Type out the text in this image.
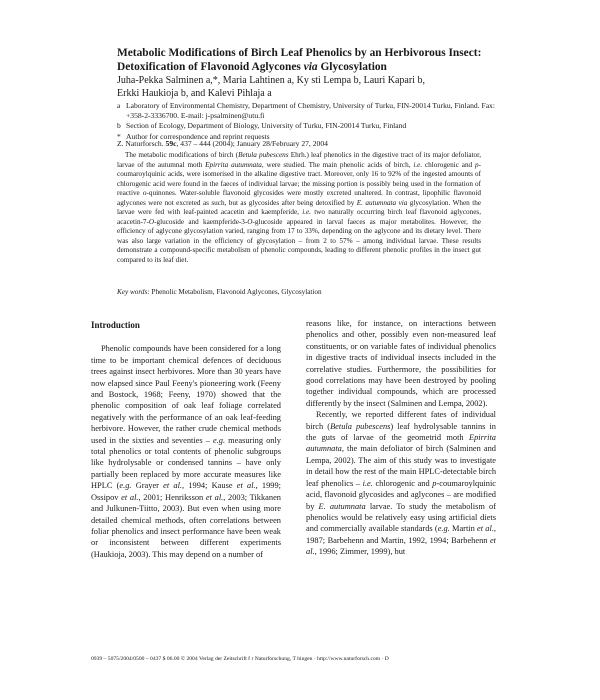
Metabolic Modifications of Birch Leaf Phenolics by an Herbivorous Insect:
Detoxification of Flavonoid Aglycones via Glycosylation
Juha-Pekka Salminen a,*, Maria Lahtinen a, Ky sti Lempa b, Lauri Kapari b,
Erkki Haukioja b, and Kalevi Pihlaja a
a Laboratory of Environmental Chemistry, Department of Chemistry, University of Turku, FIN-20014 Turku, Finland. Fax: +358-2-3336700. E-mail: j-psalminen@utu.fi
b Section of Ecology, Department of Biology, University of Turku, FIN-20014 Turku, Finland
* Author for correspondence and reprint requests
Z. Naturforsch. 59c, 437 – 444 (2004); January 28/February 27, 2004
The metabolic modifications of birch (Betula pubescens Ehrh.) leaf phenolics in the digestive tract of its major defoliator, larvae of the autumnal moth Epirrita autumnata, were studied. The main phenolic acids of birch, i.e. chlorogenic and p-coumaroylquinic acids, were isomerised in the alkaline digestive tract. Moreover, only 16 to 92% of the ingested amounts of chlorogenic acid were found in the faeces of individual larvae; the missing portion is possibly being used in the formation of reactive o-quinones. Water-soluble flavonoid glycosides were mostly excreted unaltered. In contrast, lipophilic flavonoid aglycones were not excreted as such, but as glycosides after being detoxified by E. autumnata via glycosylation. When the larvae were fed with leaf-painted acacetin and kaempferide, i.e. two naturally occurring birch leaf flavonoid aglycones, acacetin-7-O-glucoside and kaempferide-3-O-glucoside appeared in larval faeces as major metabolites. However, the efficiency of aglycone glycosylation varied, ranging from 17 to 33%, depending on the aglycone and its dietary level. There was also large variation in the efficiency of glycosylation – from 2 to 57% – among individual larvae. These results demonstrate a compound-specific metabolism of phenolic compounds, leading to different phenolic profiles in the insect gut compared to its leaf diet.
Key words: Phenolic Metabolism, Flavonoid Aglycones, Glycosylation
Introduction

Phenolic compounds have been considered for a long time to be important chemical defences of deciduous trees against insect herbivores. More than 30 years have now elapsed since Paul Feeny's pioneering work (Feeny and Bostock, 1968; Feeny, 1970) showed that the phenolic composition of oak leaf foliage correlated negatively with the performance of an oak leaf-feeding herbivore. However, the rather crude chemical methods used in the sixties and seventies – e.g. measuring only total phenolics or total contents of phenolic subgroups like hydrolysable or condensed tannins – have only partially been replaced by more accurate measures like HPLC (e.g. Grayer et al., 1994; Kause et al., 1999; Ossipov et al., 2001; Henriksson et al., 2003; Tikkanen and Julkunen-Tiitto, 2003). But even when using more detailed chemical methods, often correlations between foliar phenolics and insect performance have been weak or inconsistent between different experiments (Haukioja, 2003). This may depend on a number of

reasons like, for instance, on interactions between phenolics and other, possibly even non-measured leaf constituents, or on variable fates of individual phenolics in digestive tracts of individual insects included in the correlative studies. Furthermore, the possibilities for good correlations may have been destroyed by pooling together individual compounds, which are processed differently by the insect (Salminen and Lempa, 2002).

Recently, we reported different fates of individual birch (Betula pubescens) leaf hydrolysable tannins in the guts of larvae of the geometrid moth Epirrita autumnata, the main defoliator of birch (Salminen and Lempa, 2002). The aim of this study was to investigate in detail how the rest of the main HPLC-detectable birch leaf phenolics – i.e. chlorogenic and p-coumaroylquinic acid, flavonoid glycosides and aglycones – are modified by E. autumnata larvae. To study the metabolism of phenolics would be relatively easy using artificial diets and commercially available standards (e.g. Martin et al., 1987; Barbehenn and Martin, 1992, 1994; Barbehenn et al., 1996; Zimmer, 1999), but

0939 – 5075/2004/0500 – 0437 $ 06.00 © 2004 Verlag der Zeitschrift f r Naturforschung, T bingen · http://www.naturforsch.com · D
